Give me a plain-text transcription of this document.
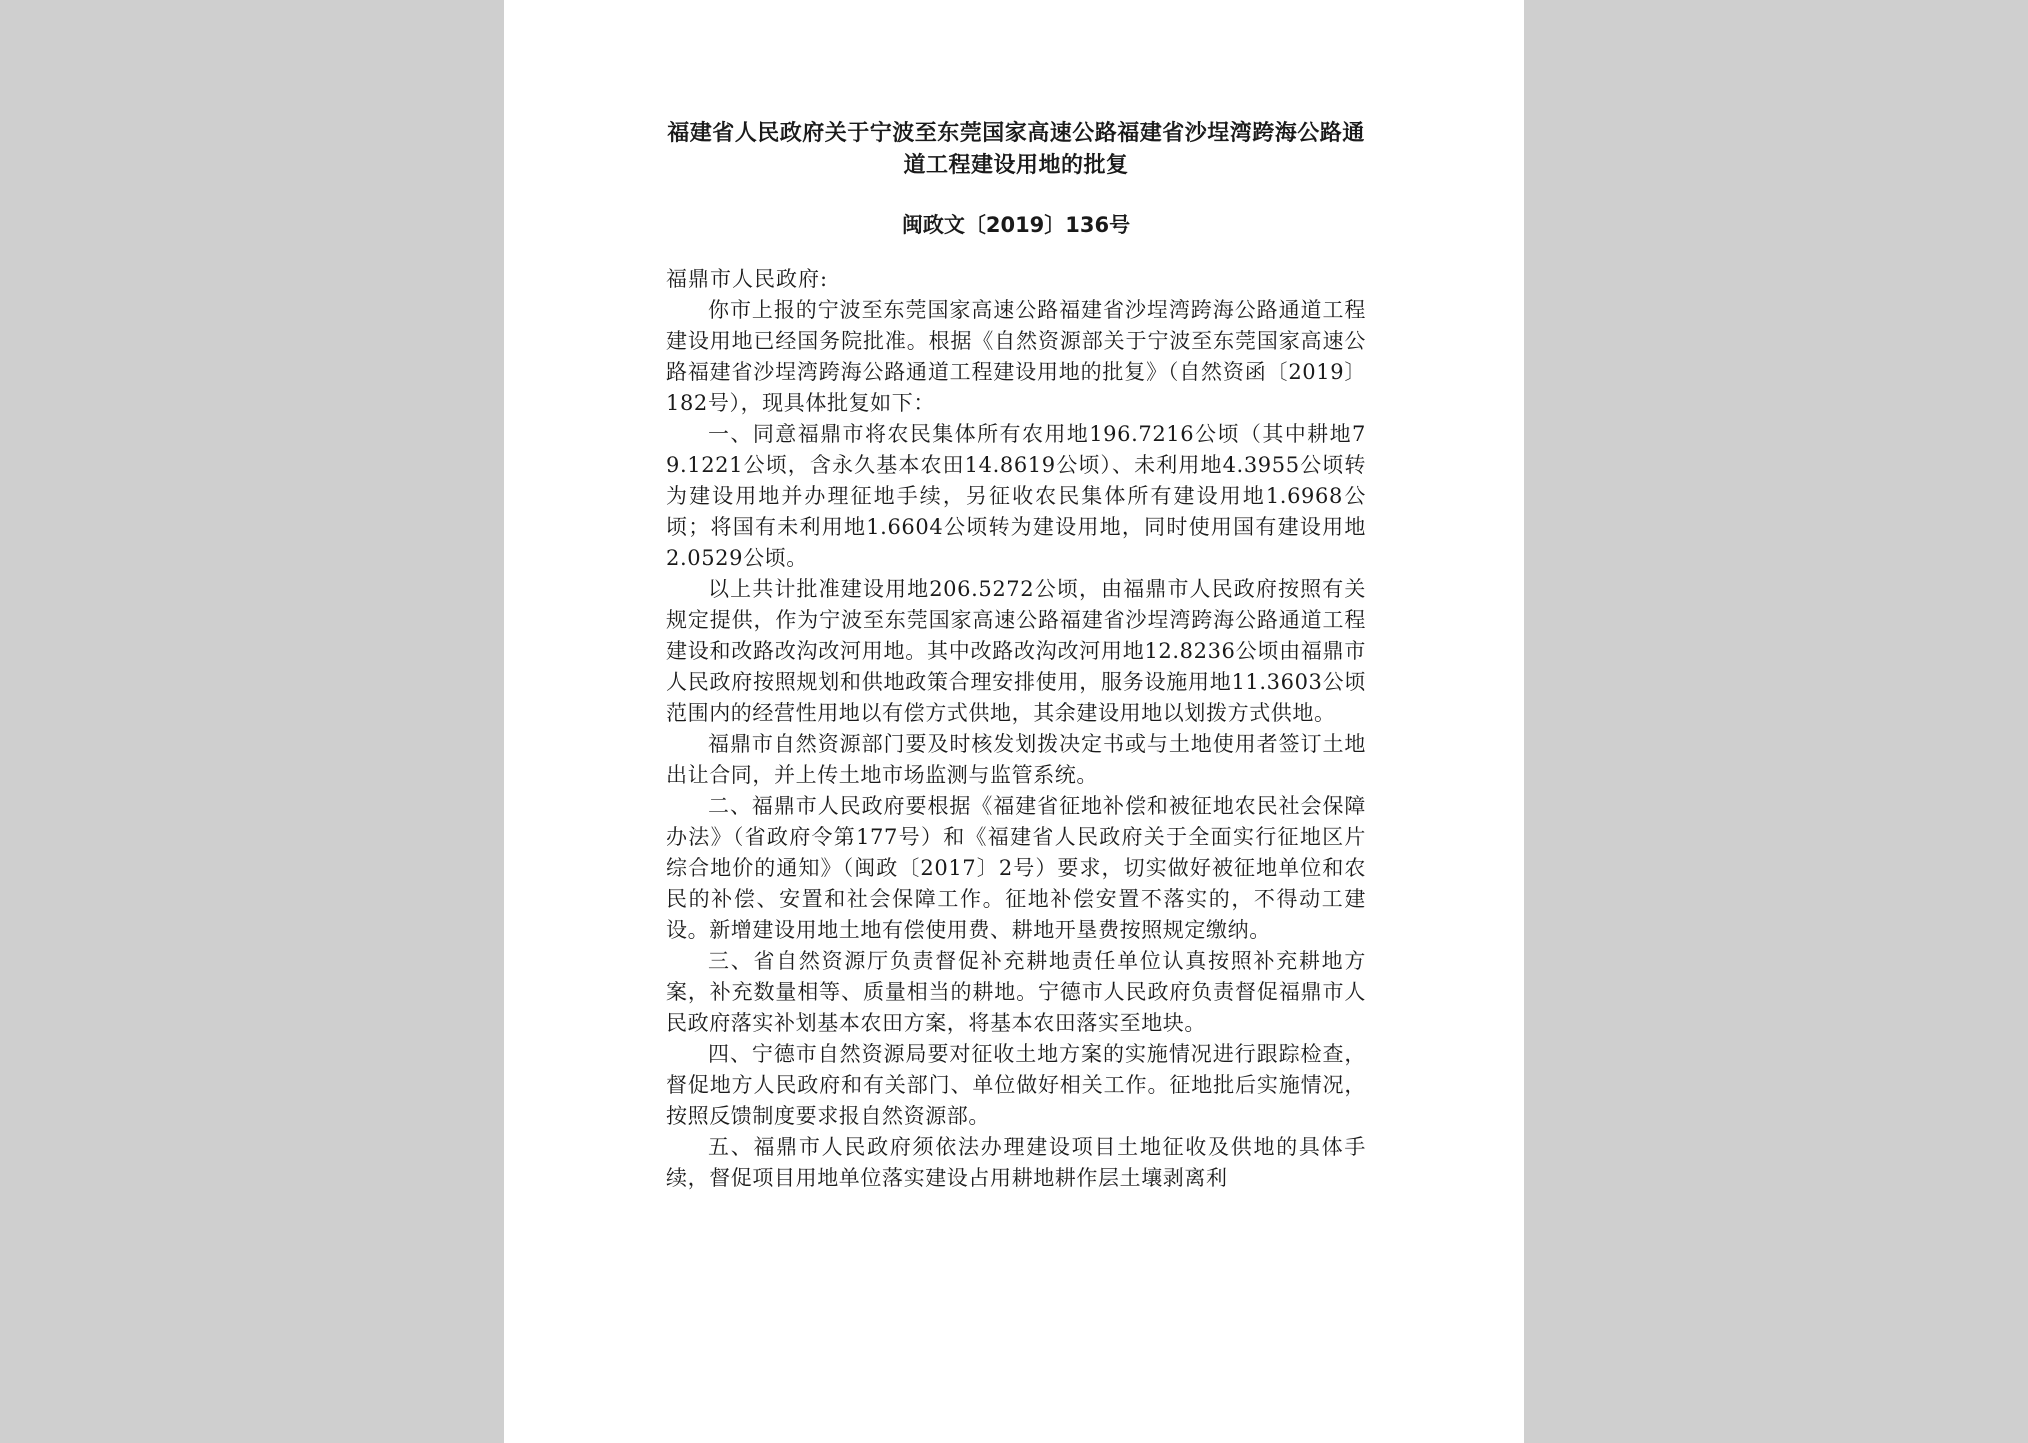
福建省人民政府关于宁波至东莞国家高速公路福建省沙埕湾跨海公路通道工程建设用地的批复
闽政文〔2019〕136号

福鼎市人民政府:

你市上报的宁波至东莞国家高速公路福建省沙埕湾跨海公路通道工程建设用地已经国务院批准。根据《自然资源部关于宁波至东莞国家高速公路福建省沙埕湾跨海公路通道工程建设用地的批复》（自然资函〔2019〕182号），现具体批复如下：

一、同意福鼎市将农民集体所有农用地196.7216公顷（其中耕地79.1221公顷，含永久基本农田14.8619公顷）、未利用地4.3955公顷转为建设用地并办理征地手续，另征收农民集体所有建设用地1.6968公顷；将国有未利用地1.6604公顷转为建设用地，同时使用国有建设用地2.0529公顷。

以上共计批准建设用地206.5272公顷，由福鼎市人民政府按照有关规定提供，作为宁波至东莞国家高速公路福建省沙埕湾跨海公路通道工程建设和改路改沟改河用地。其中改路改沟改河用地12.8236公顷由福鼎市人民政府按照规划和供地政策合理安排使用，服务设施用地11.3603公顷范围内的经营性用地以有偿方式供地，其余建设用地以划拨方式供地。

福鼎市自然资源部门要及时核发划拨决定书或与土地使用者签订土地出让合同，并上传土地市场监测与监管系统。

二、福鼎市人民政府要根据《福建省征地补偿和被征地农民社会保障办法》（省政府令第177号）和《福建省人民政府关于全面实行征地区片综合地价的通知》（闽政〔2017〕2号）要求，切实做好被征地单位和农民的补偿、安置和社会保障工作。征地补偿安置不落实的，不得动工建设。新增建设用地土地有偿使用费、耕地开垦费按照规定缴纳。

三、省自然资源厅负责督促补充耕地责任单位认真按照补充耕地方案，补充数量相等、质量相当的耕地。宁德市人民政府负责督促福鼎市人民政府落实补划基本农田方案，将基本农田落实至地块。

四、宁德市自然资源局要对征收土地方案的实施情况进行跟踪检查，督促地方人民政府和有关部门、单位做好相关工作。征地批后实施情况，按照反馈制度要求报自然资源部。

五、福鼎市人民政府须依法办理建设项目土地征收及供地的具体手续，督促项目用地单位落实建设占用耕地耕作层土壤剥离利
